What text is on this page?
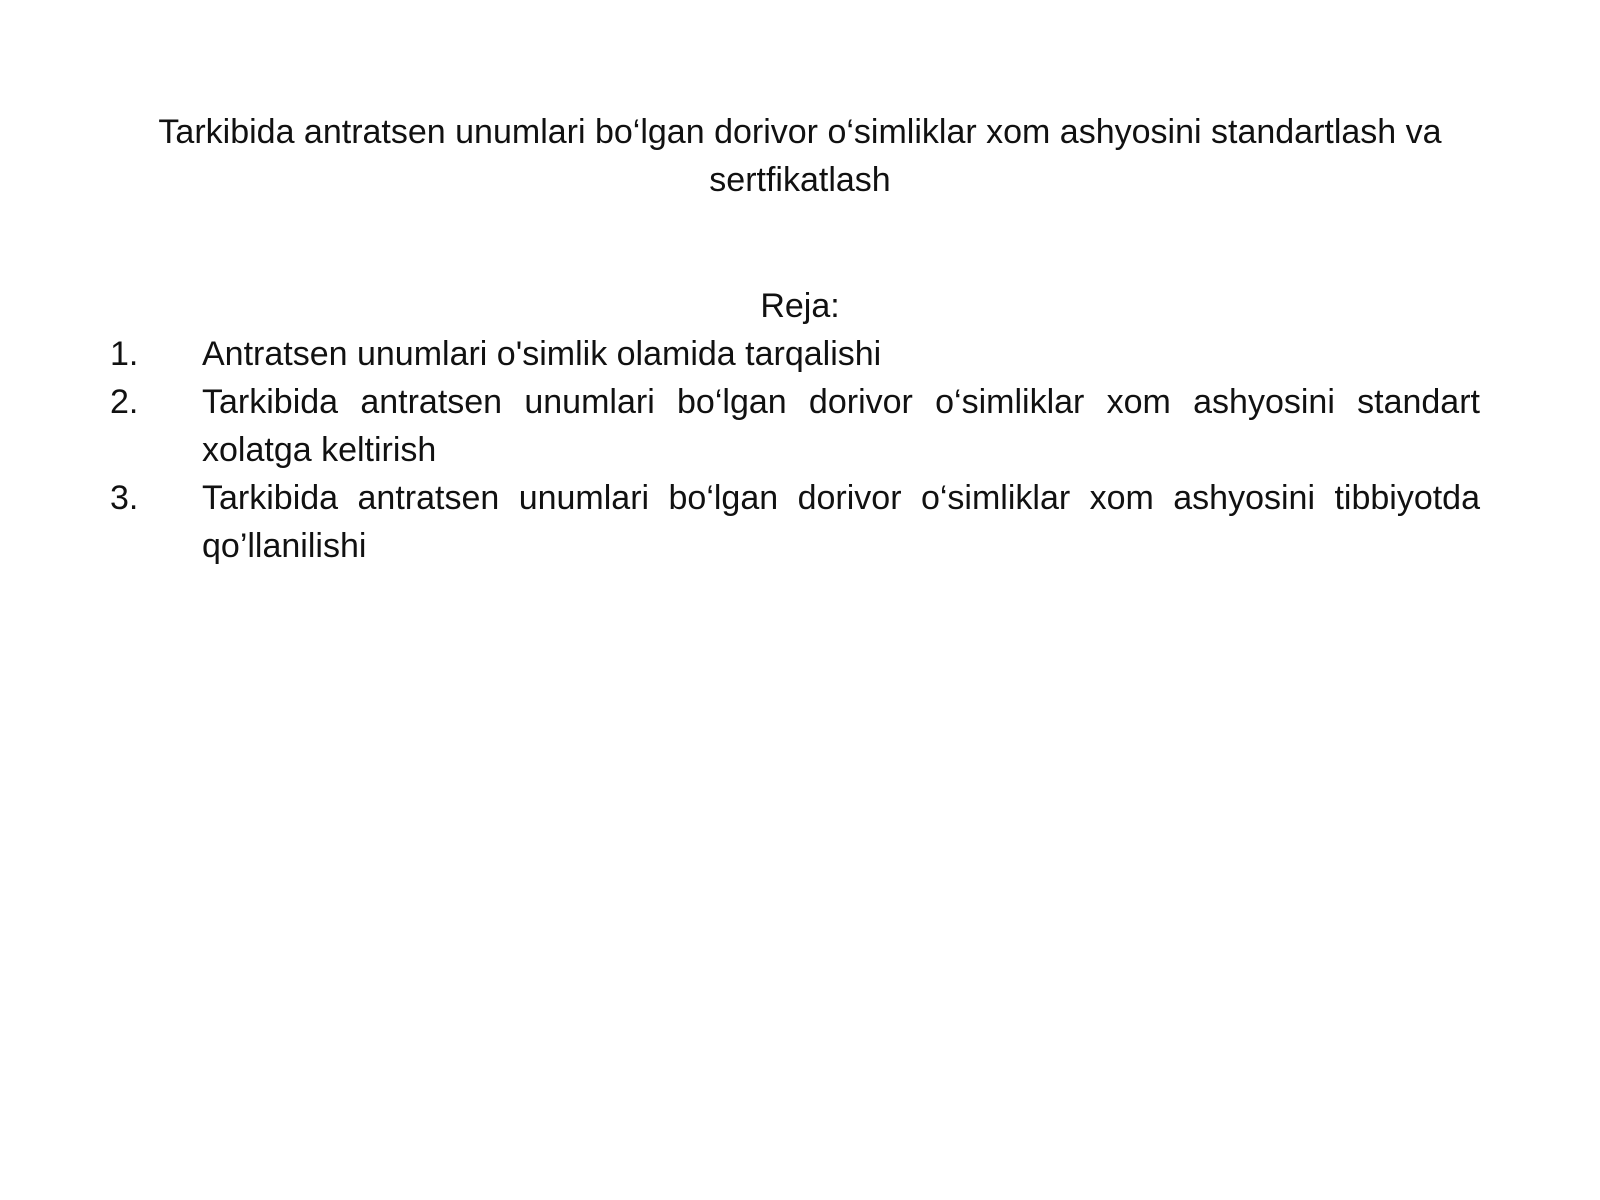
Tarkibida antratsen unumlari bo‘lgan dorivor o‘simliklar xom ashyosini standartlash va sertfikatlash
Reja:
1.	Antratsen unumlari o'simlik olamida tarqalishi
2.	Tarkibida antratsen unumlari bo‘lgan dorivor o‘simliklar xom ashyosini standart xolatga keltirish
3.	Tarkibida antratsen unumlari bo‘lgan dorivor o‘simliklar xom ashyosini tibbiyotda qo’llanilishi
